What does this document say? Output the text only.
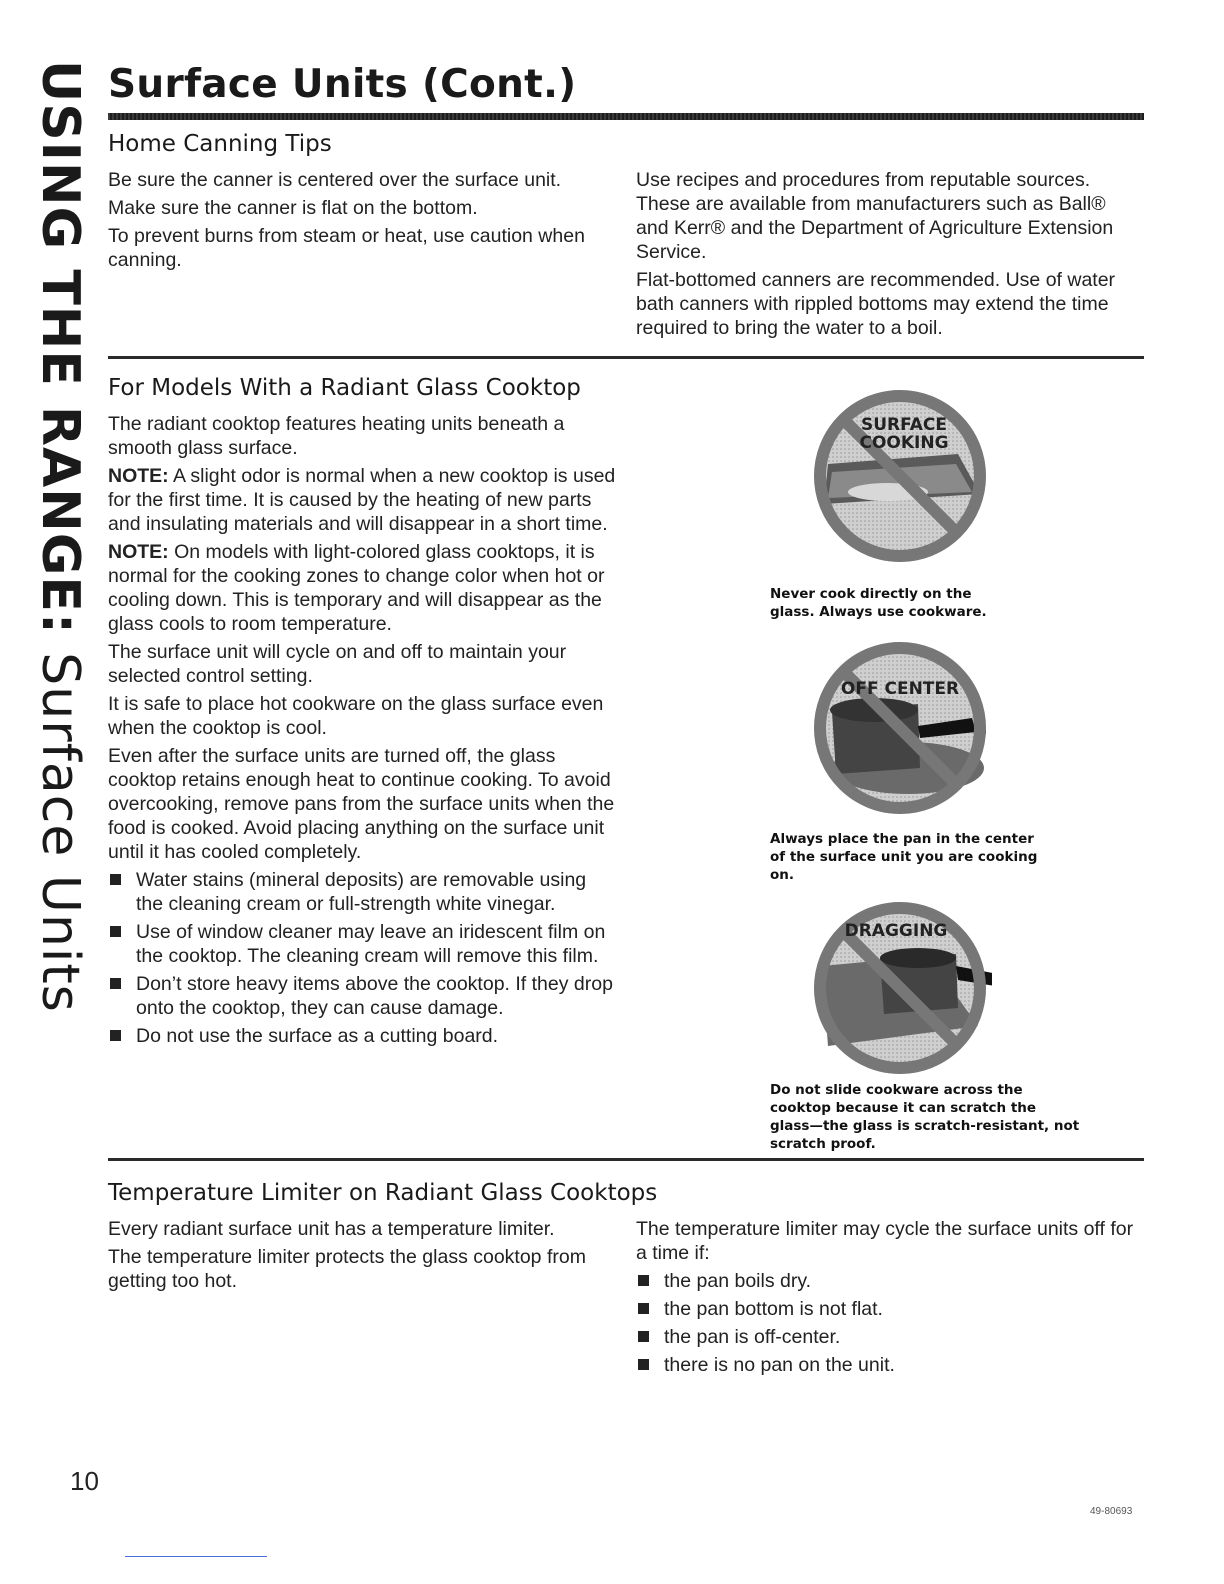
USING THE RANGE: Surface Units
Surface Units (Cont.)
Home Canning Tips

Be sure the canner is centered over the surface unit.

Make sure the canner is flat on the bottom.

To prevent burns from steam or heat, use caution when canning.

Use recipes and procedures from reputable sources. These are available from manufacturers such as Ball® and Kerr® and the Department of Agriculture Extension Service.

Flat-bottomed canners are recommended. Use of water bath canners with rippled bottoms may extend the time required to bring the water to a boil.

For Models With a Radiant Glass Cooktop

The radiant cooktop features heating units beneath a smooth glass surface.

NOTE: A slight odor is normal when a new cooktop is used for the first time. It is caused by the heating of new parts and insulating materials and will disappear in a short time.

NOTE: On models with light-colored glass cooktops, it is normal for the cooking zones to change color when hot or cooling down. This is temporary and will disappear as the glass cools to room temperature.

The surface unit will cycle on and off to maintain your selected control setting.

It is safe to place hot cookware on the glass surface even when the cooktop is cool.

Even after the surface units are turned off, the glass cooktop retains enough heat to continue cooking. To avoid overcooking, remove pans from the surface units when the food is cooked. Avoid placing anything on the surface unit until it has cooled completely.

Water stains (mineral deposits) are removable using the cleaning cream or full-strength white vinegar.
Use of window cleaner may leave an iridescent film on the cooktop. The cleaning cream will remove this film.
Don’t store heavy items above the cooktop. If they drop onto the cooktop, they can cause damage.
Do not use the surface as a cutting board.
SURFACE
COOKING
Never cook directly on the glass. Always use cookware.
OFF CENTER
Always place the pan in the center of the surface unit you are cooking on.
DRAGGING
Do not slide cookware across the cooktop because it can scratch the glass—the glass is scratch-resistant, not scratch proof.
Temperature Limiter on Radiant Glass Cooktops

Every radiant surface unit has a temperature limiter.

The temperature limiter protects the glass cooktop from getting too hot.

The temperature limiter may cycle the surface units off for a time if:

the pan boils dry.
the pan bottom is not flat.
the pan is off-center.
there is no pan on the unit.
10
49-80693
